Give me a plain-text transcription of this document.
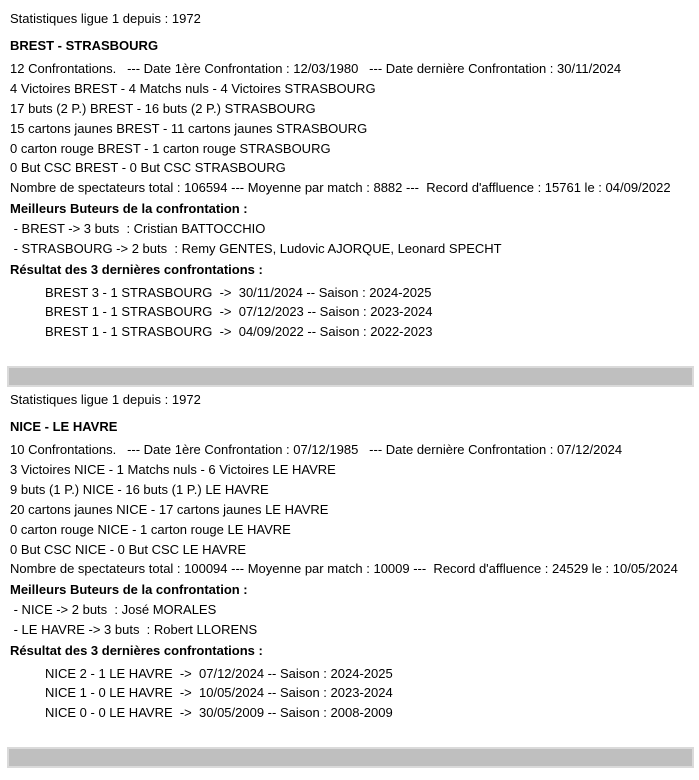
Statistiques ligue 1 depuis : 1972
BREST - STRASBOURG
12 Confrontations.   --- Date 1ère Confrontation : 12/03/1980   --- Date dernière Confrontation : 30/11/2024
4 Victoires BREST - 4 Matchs nuls - 4 Victoires STRASBOURG
17 buts (2 P.) BREST - 16 buts (2 P.) STRASBOURG
15 cartons jaunes BREST - 11 cartons jaunes STRASBOURG
0 carton rouge BREST - 1 carton rouge STRASBOURG
0 But CSC BREST - 0 But CSC STRASBOURG
Nombre de spectateurs total : 106594 --- Moyenne par match : 8882 ---  Record d'affluence : 15761 le : 04/09/2022
Meilleurs Buteurs de la confrontation :
- BREST -> 3 buts  : Cristian BATTOCCHIO
- STRASBOURG -> 2 buts  : Remy GENTES, Ludovic AJORQUE, Leonard SPECHT
Résultat des 3 dernières confrontations :
BREST 3 - 1 STRASBOURG  ->  30/11/2024 -- Saison : 2024-2025
BREST 1 - 1 STRASBOURG  ->  07/12/2023 -- Saison : 2023-2024
BREST 1 - 1 STRASBOURG  ->  04/09/2022 -- Saison : 2022-2023
Statistiques ligue 1 depuis : 1972
NICE - LE HAVRE
10 Confrontations.   --- Date 1ère Confrontation : 07/12/1985   --- Date dernière Confrontation : 07/12/2024
3 Victoires NICE - 1 Matchs nuls - 6 Victoires LE HAVRE
9 buts (1 P.) NICE - 16 buts (1 P.) LE HAVRE
20 cartons jaunes NICE - 17 cartons jaunes LE HAVRE
0 carton rouge NICE - 1 carton rouge LE HAVRE
0 But CSC NICE - 0 But CSC LE HAVRE
Nombre de spectateurs total : 100094 --- Moyenne par match : 10009 ---  Record d'affluence : 24529 le : 10/05/2024
Meilleurs Buteurs de la confrontation :
- NICE -> 2 buts  : José MORALES
- LE HAVRE -> 3 buts  : Robert LLORENS
Résultat des 3 dernières confrontations :
NICE 2 - 1 LE HAVRE  ->  07/12/2024 -- Saison : 2024-2025
NICE 1 - 0 LE HAVRE  ->  10/05/2024 -- Saison : 2023-2024
NICE 0 - 0 LE HAVRE  ->  30/05/2009 -- Saison : 2008-2009
